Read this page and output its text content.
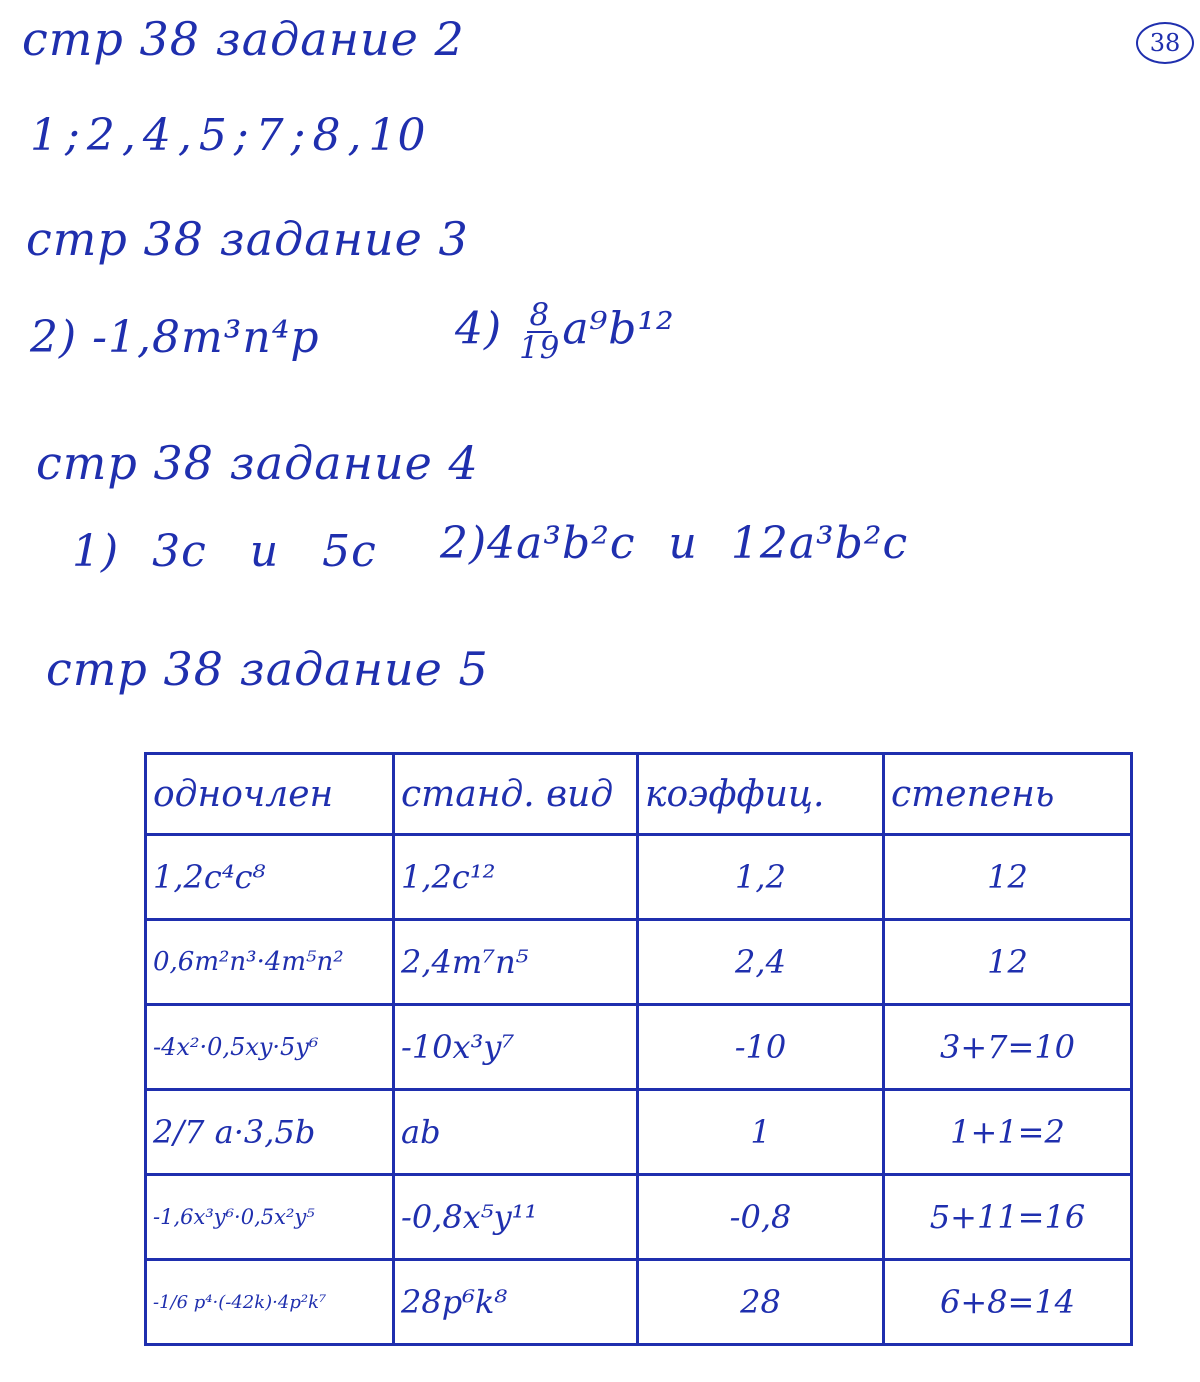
38
стр 38 задание 2
1 ; 2 , 4 , 5 ; 7 ; 8 , 10
стр 38 задание 3
2) -1,8m³n⁴p	$4) \frac{8}{19} a^9b^{12}$
стр 38 задание 4
1) 3c и 5c 2)4a³b²c и 12a³b²c
стр 38 задание 5
одночлен	станд. вид	коэффиц.	степень
1,2c⁴c⁸	1,2c¹²	1,2	12
0,6m²n³·4m⁵n²	2,4m⁷n⁵	2,4	12
-4x²·0,5xy·5y⁶	-10x³y⁷	-10	3+7=10
2/7 a·3,5b	ab	1	1+1=2
-1,6x³y⁶·0,5x²y⁵	-0,8x⁵y¹¹	-0,8	5+11=16
-1/6 p⁴·(-42k)·4p²k⁷	28p⁶k⁸	28	6+8=14
